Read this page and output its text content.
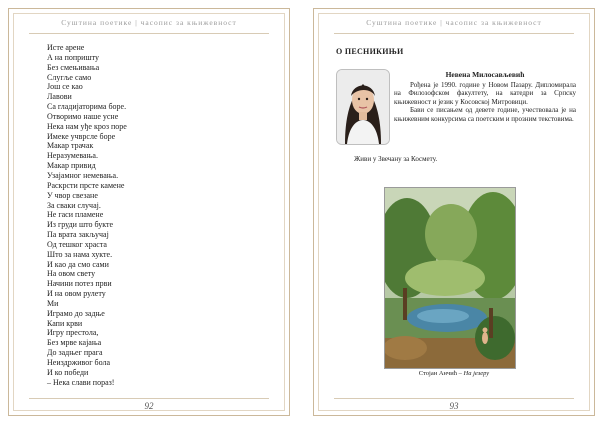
Суштина поетике | часопис за књижевност
Исте арене
А на попришту
Без смењивања
Слугље само
Још се као
Лавови
Са гладијаторима боре.
Отворимо наше усне
Нека нам уђе кроз поре
Имеке учврсле боре
Макар трачак
Неразумевања.
Макар привид
Узајамног немевања.
Раскрсти прсте камене
У чвор свезане
За сваки случај.
Не гаси пламене
Из груди што букте
Па врата закључај
Од тешког храста
Што за нама хукте.
И као да смо сами
На овом свету
Начини потез први
И на овом рулету
Ми
Играмо до задње
Капи крви
Игру престола,
Без мрве кајања
До задњег прага
Неиздрживог бола
И ко победи
– Нека слави пораз!
92
Суштина поетике | часопис за књижевност
О ПЕСНИКИЊИ
Невена Милосављевић

Рођена је 1990. године у Новом Пазару. Дипломирала на Филозофском факултету, на катедри за Српску књижевност и језик у Косовској Митровици.

Бави се писањем од девете године, учествовала је на књижевним конкурсима са поетским и прозним текстовима.

Живи у Звечану за Космету.
Стојан Анчић – На језеру
93
